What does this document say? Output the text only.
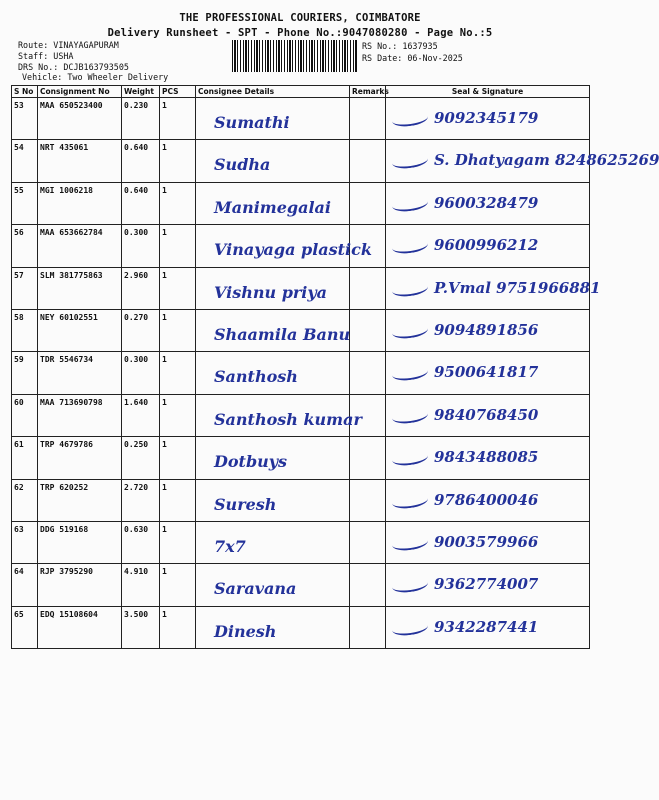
THE PROFESSIONAL COURIERS, COIMBATORE
Delivery Runsheet - SPT - Phone No.:9047080280 - Page No.:5
Route: VINAYAGAPURAM
Staff: USHA
DRS No.: DCJB163793505
Vehicle: Two Wheeler Delivery
RS No.: 1637935
RS Date: 06-Nov-2025
S No	Consignment No	Weight	PCS	Consignee Details	Remarks	Seal & Signature

53	MAA 650523400	0.230	1	Sumathi		9092345179

54	NRT 435061	0.640	1	Sudha		S. Dhatyagam 8248625269

55	MGI 1006218	0.640	1	Manimegalai		9600328479

56	MAA 653662784	0.300	1	Vinayaga plastick		9600996212

57	SLM 381775863	2.960	1	Vishnu priya		P.Vmal 9751966881

58	NEY 60102551	0.270	1	Shaamila Banu		9094891856

59	TDR 5546734	0.300	1	Santhosh		9500641817

60	MAA 713690798	1.640	1	Santhosh kumar		9840768450

61	TRP 4679786	0.250	1	Dotbuys		9843488085

62	TRP 620252	2.720	1	Suresh		9786400046

63	DDG 519168	0.630	1	7x7		9003579966

64	RJP 3795290	4.910	1	Saravana		9362774007

65	EDQ 15108604	3.500	1	Dinesh		9342287441
